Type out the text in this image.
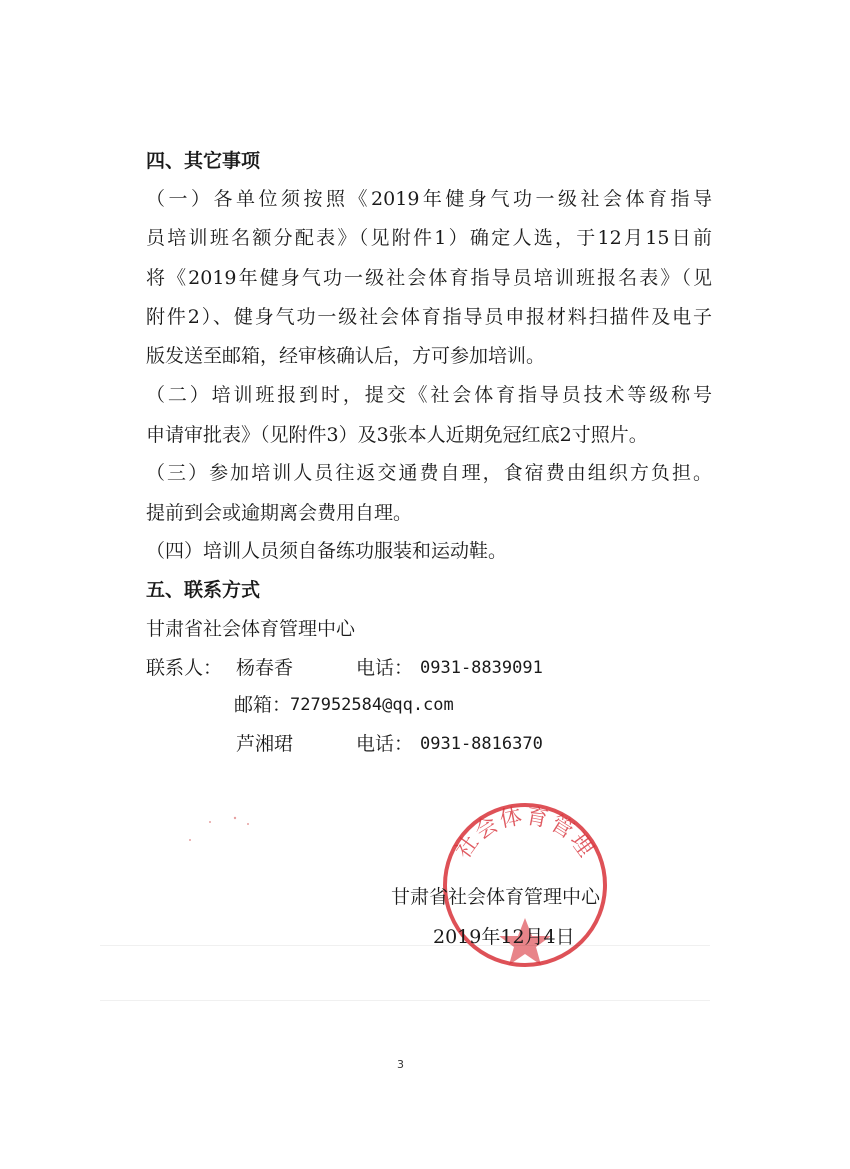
四、其它事项
（一）各单位须按照《2019年健身气功一级社会体育指导
员培训班名额分配表》（见附件1）确定人选，于12月15日前
将《2019年健身气功一级社会体育指导员培训班报名表》（见
附件2）、健身气功一级社会体育指导员申报材料扫描件及电子
版发送至邮箱，经审核确认后，方可参加培训。
（二）培训班报到时，提交《社会体育指导员技术等级称号
申请审批表》（见附件3）及3张本人近期免冠红底2寸照片。
（三）参加培训人员往返交通费自理，食宿费由组织方负担。
提前到会或逾期离会费用自理。
（四）培训人员须自备练功服装和运动鞋。
五、联系方式
甘肃省社会体育管理中心
联系人： 杨春香	电话： 0931-8839091
邮箱：
727952584@qq.com
芦湘珺	电话： 0931-8816370
社会体育管理
甘肃省社会体育管理中心
2019年12月4日
3
